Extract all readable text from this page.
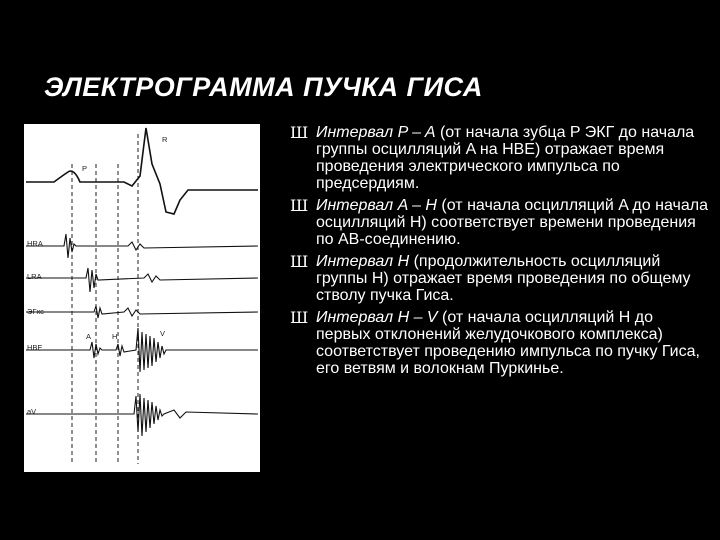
ЭЛЕКТРОГРАММА ПУЧКА ГИСА
P
R
HRA
LRA
ЭГхс
HBE
A	H	V
aV
Ш Интервал P – A (от начала зубца P ЭКГ до начала группы осцилляций A на НВЕ) отражает время проведения электрического импульса по предсердиям.
Ш Интервал A – H (от начала осцилляций A до начала осцилляций H) соответствует времени проведения по АВ-соединению.
Ш Интервал H (продолжительность осцилляций группы H) отражает время проведения по общему стволу пучка Гиса.
Ш Интервал H – V (от начала осцилляций H до первых отклонений желудочкового комплекса) соответствует проведению импульса по пучку Гиса, его ветвям и волокнам Пуркинье.
